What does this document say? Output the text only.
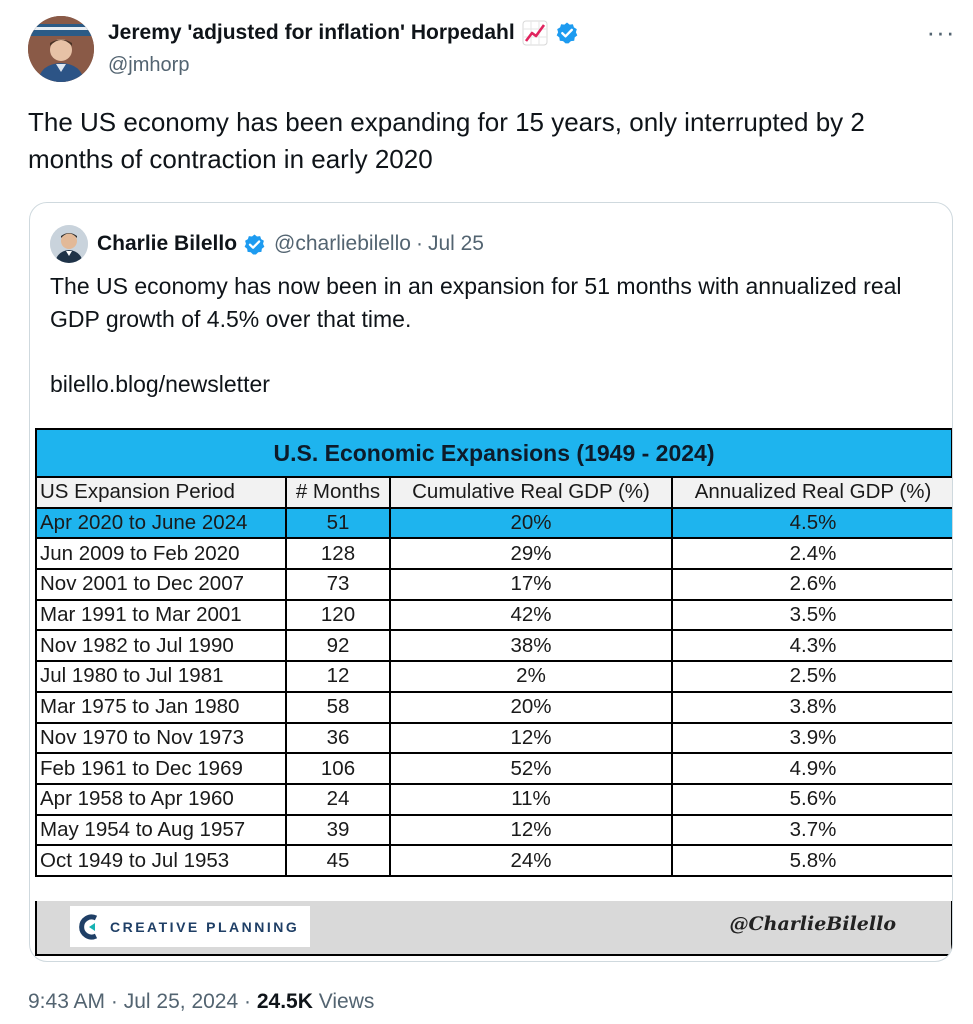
Jeremy 'adjusted for inflation' Horpedahl
@jmhorp
···
The US economy has been expanding for 15 years, only interrupted by 2 months of contraction in early 2020
Charlie Bilello @charliebilello · Jul 25
The US economy has now been in an expansion for 51 months with annualized real GDP growth of 4.5% over that time.
bilello.blog/newsletter
U.S. Economic Expansions (1949 - 2024)
US Expansion Period	# Months	Cumulative Real GDP (%)	Annualized Real GDP (%)
Apr 2020 to June 2024	51	20%	4.5%
Jun 2009 to Feb 2020	128	29%	2.4%
Nov 2001 to Dec 2007	73	17%	2.6%
Mar 1991 to Mar 2001	120	42%	3.5%
Nov 1982 to Jul 1990	92	38%	4.3%
Jul 1980 to Jul 1981	12	2%	2.5%
Mar 1975 to Jan 1980	58	20%	3.8%
Nov 1970 to Nov 1973	36	12%	3.9%
Feb 1961 to Dec 1969	106	52%	4.9%
Apr 1958 to Apr 1960	24	11%	5.6%
May 1954 to Aug 1957	39	12%	3.7%
Oct 1949 to Jul 1953	45	24%	5.8%
CREATIVE PLANNING	@CharlieBilello
9:43 AM · Jul 25, 2024 · 24.5K Views
